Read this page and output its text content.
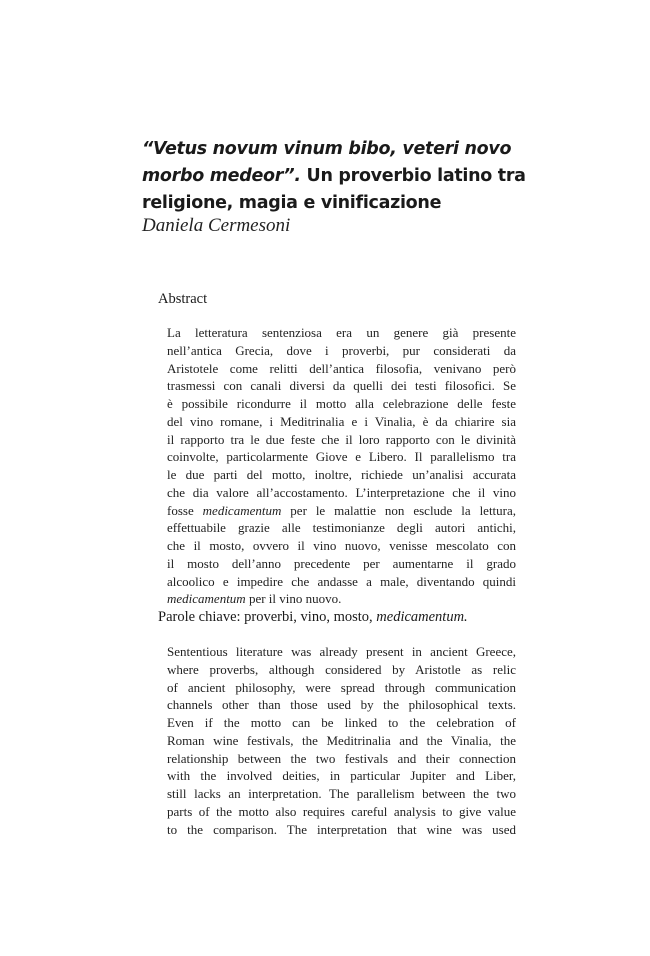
“Vetus novum vinum bibo, veteri novo morbo medeor”. Un proverbio latino tra religione, magia e vinificazione
Daniela Cermesoni
Abstract
La letteratura sentenziosa era un genere già presente
nell’antica Grecia, dove i proverbi, pur considerati da
Aristotele come relitti dell’antica filosofia, venivano però
trasmessi con canali diversi da quelli dei testi filosofici. Se
è possibile ricondurre il motto alla celebrazione delle feste
del vino romane, i Meditrinalia e i Vinalia, è da chiarire sia
il rapporto tra le due feste che il loro rapporto con le divinità
coinvolte, particolarmente Giove e Libero. Il parallelismo tra
le due parti del motto, inoltre, richiede un’analisi accurata
che dia valore all’accostamento. L’interpretazione che il vino
fosse medicamentum per le malattie non esclude la lettura,
effettuabile grazie alle testimonianze degli autori antichi,
che il mosto, ovvero il vino nuovo, venisse mescolato con
il mosto dell’anno precedente per aumentarne il grado
alcoolico e impedire che andasse a male, diventando quindi
medicamentum per il vino nuovo.
Parole chiave: proverbi, vino, mosto, medicamentum.
Sententious literature was already present in ancient Greece,
where proverbs, although considered by Aristotle as relic
of ancient philosophy, were spread through communication
channels other than those used by the philosophical texts.
Even if the motto can be linked to the celebration of
Roman wine festivals, the Meditrinalia and the Vinalia, the
relationship between the two festivals and their connection
with the involved deities, in particular Jupiter and Liber,
still lacks an interpretation. The parallelism between the two
parts of the motto also requires careful analysis to give value
to the comparison. The interpretation that wine was used
